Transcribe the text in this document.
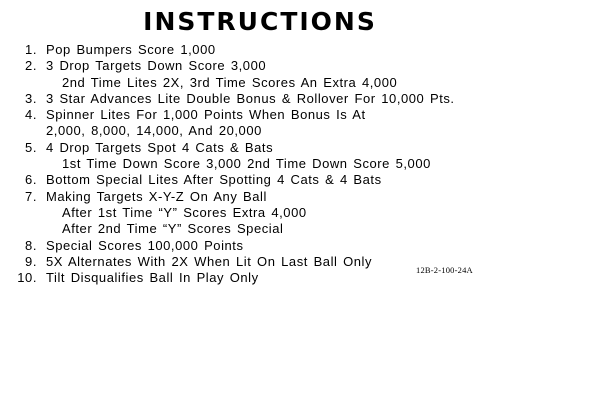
INSTRUCTIONS
1. Pop Bumpers Score 1,000
2. 3 Drop Targets Down Score 3,000
2nd Time Lites 2X, 3rd Time Scores An Extra 4,000
3. 3 Star Advances Lite Double Bonus & Rollover For 10,000 Pts.
4. Spinner Lites For 1,000 Points When Bonus Is At
2,000, 8,000, 14,000, And 20,000
5. 4 Drop Targets Spot 4 Cats & Bats
1st Time Down Score 3,000 2nd Time Down Score 5,000
6. Bottom Special Lites After Spotting 4 Cats & 4 Bats
7. Making Targets X-Y-Z On Any Ball
After 1st Time “Y” Scores Extra 4,000
After 2nd Time “Y” Scores Special
8. Special Scores 100,000 Points
9. 5X Alternates With 2X When Lit On Last Ball Only
10. Tilt Disqualifies Ball In Play Only
12B-2-100-24A
